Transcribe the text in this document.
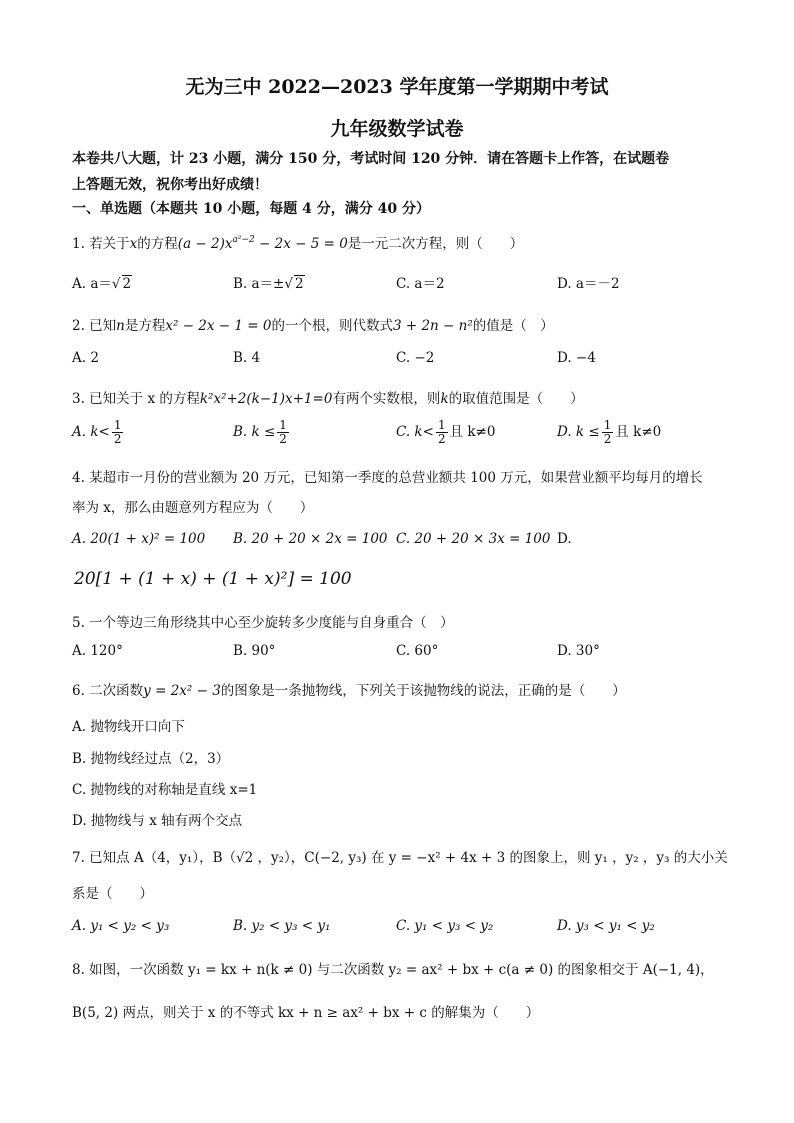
无为三中 2022—2023 学年度第一学期期中考试
九年级数学试卷
本卷共八大题，计 23 小题，满分 150 分，考试时间 120 分钟．请在答题卡上作答，在试题卷
上答题无效，祝你考出好成绩！
一、单选题（本题共 10 小题，每题 4 分，满分 40 分）
1. 若关于x的方程$(a - 2)x^{a^2-2} - 2x - 5 = 0$是一元二次方程，则（　　）
A. a＝√ 2	B. a＝±√ 2	C. a＝2	D. a＝－2
2. 已知n是方程x² − 2x − 1 = 0的一个根，则代数式3 + 2n − n²的值是（　）
A. 2	B. 4	C. −2	D. −4
3. 已知关于 x 的方程k²x²+2(k−1)x+1=0有两个实数根，则k的取值范围是（　　）
A. $k< \frac{1}{2}$	B. $k \le \frac{1}{2}$	C. $k< \frac{1}{2}$ 且 k≠0	D. $k \le \frac{1}{2}$ 且 k≠0
4. 某超市一月份的营业额为 20 万元，已知第一季度的总营业额共 100 万元，如果营业额平均每月的增长
率为 x，那么由题意列方程应为（　　）
A. 20(1 + x)² = 100 B. 20 + 20 × 2x = 100 C. 20 + 20 × 3x = 100 D.
20[1 + (1 + x) + (1 + x)²] = 100
5. 一个等边三角形绕其中心至少旋转多少度能与自身重合（　）
A. 120°	B. 90°	C. 60°	D. 30°
6. 二次函数y = 2x² − 3的图象是一条抛物线，下列关于该抛物线的说法，正确的是（　　）
A. 抛物线开口向下
B. 抛物线经过点（2，3）
C. 抛物线的对称轴是直线 x=1
D. 抛物线与 x 轴有两个交点
7. 已知点 A（4，y₁），B（√2 ，y₂），C(−2, y₃) 在 y = −x² + 4x + 3 的图象上，则 y₁ ，y₂ ，y₃ 的大小关
系是（　　）
A. y₁ < y₂ < y₃	B. y₂ < y₃ < y₁	C. y₁ < y₃ < y₂	D. y₃ < y₁ < y₂
8. 如图，一次函数 y₁ = kx + n(k ≠ 0) 与二次函数 y₂ = ax² + bx + c(a ≠ 0) 的图象相交于 A(−1, 4)，
B(5, 2) 两点，则关于 x 的不等式 kx + n ≥ ax² + bx + c 的解集为（　　）
